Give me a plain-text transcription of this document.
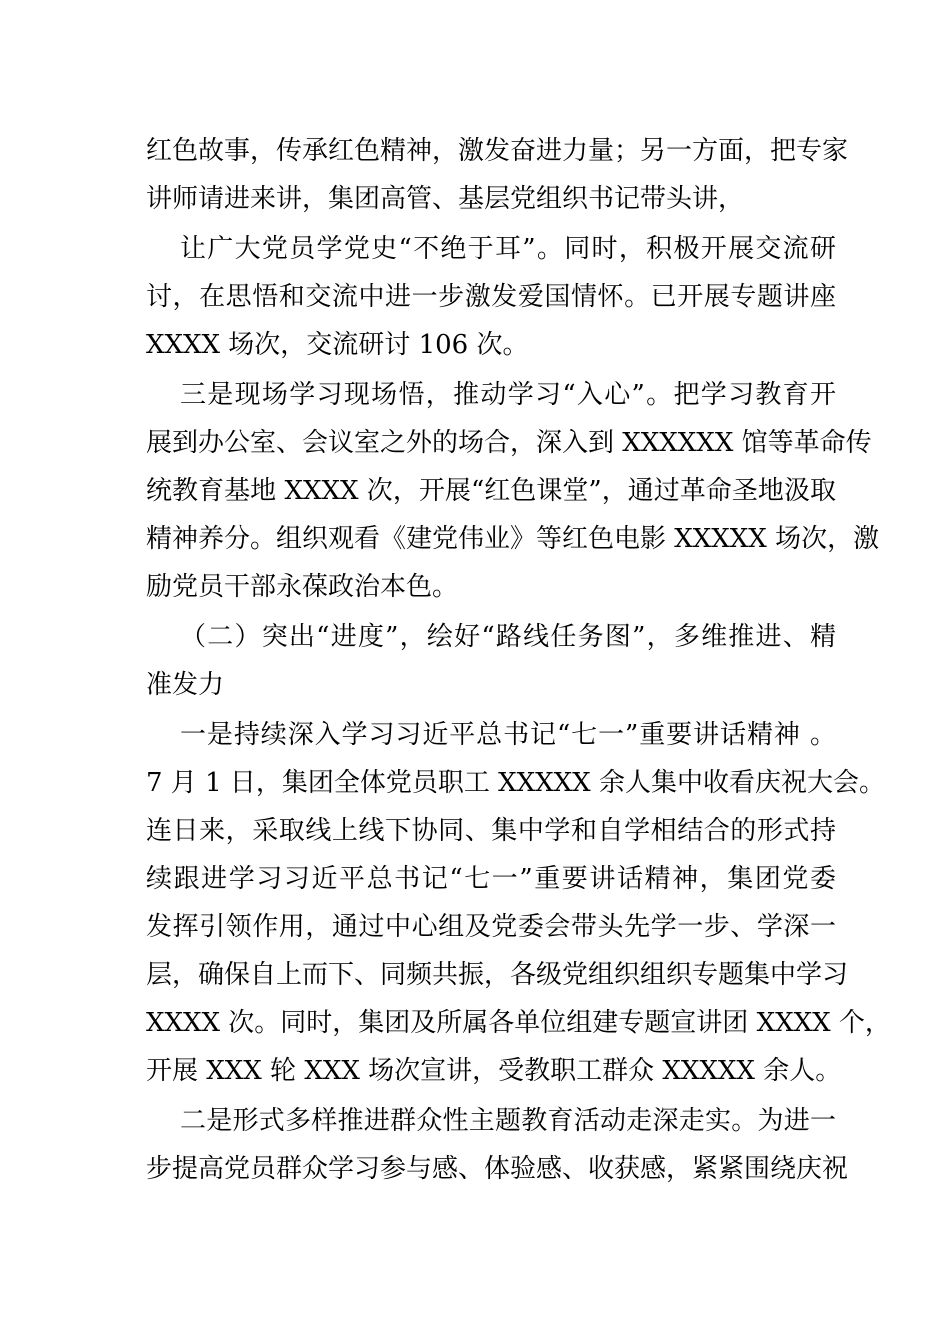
红色故事，传承红色精神，激发奋进力量；另一方面，把专家
讲师请进来讲，集团高管、基层党组织书记带头讲，
让广大党员学党史“不绝于耳”。同时，积极开展交流研
讨，在思悟和交流中进一步激发爱国情怀。已开展专题讲座
XXXX 场次，交流研讨 106 次。
三是现场学习现场悟，推动学习“入心”。把学习教育开
展到办公室、会议室之外的场合，深入到 XXXXXX 馆等革命传
统教育基地 XXXX 次，开展“红色课堂”，通过革命圣地汲取
精神养分。组织观看《建党伟业》等红色电影 XXXXX 场次，激
励党员干部永葆政治本色。
（二）突出“进度”，绘好“路线任务图”，多维推进、精
准发力
一是持续深入学习习近平总书记“七一”重要讲话精神 。
7 月 1 日，集团全体党员职工 XXXXX 余人集中收看庆祝大会。
连日来，采取线上线下协同、集中学和自学相结合的形式持
续跟进学习习近平总书记“七一”重要讲话精神，集团党委
发挥引领作用，通过中心组及党委会带头先学一步、学深一
层，确保自上而下、同频共振，各级党组织组织专题集中学习
XXXX 次。同时，集团及所属各单位组建专题宣讲团 XXXX 个，
开展 XXX 轮 XXX 场次宣讲，受教职工群众 XXXXX 余人。
二是形式多样推进群众性主题教育活动走深走实。为进一
步提高党员群众学习参与感、体验感、收获感，紧紧围绕庆祝
